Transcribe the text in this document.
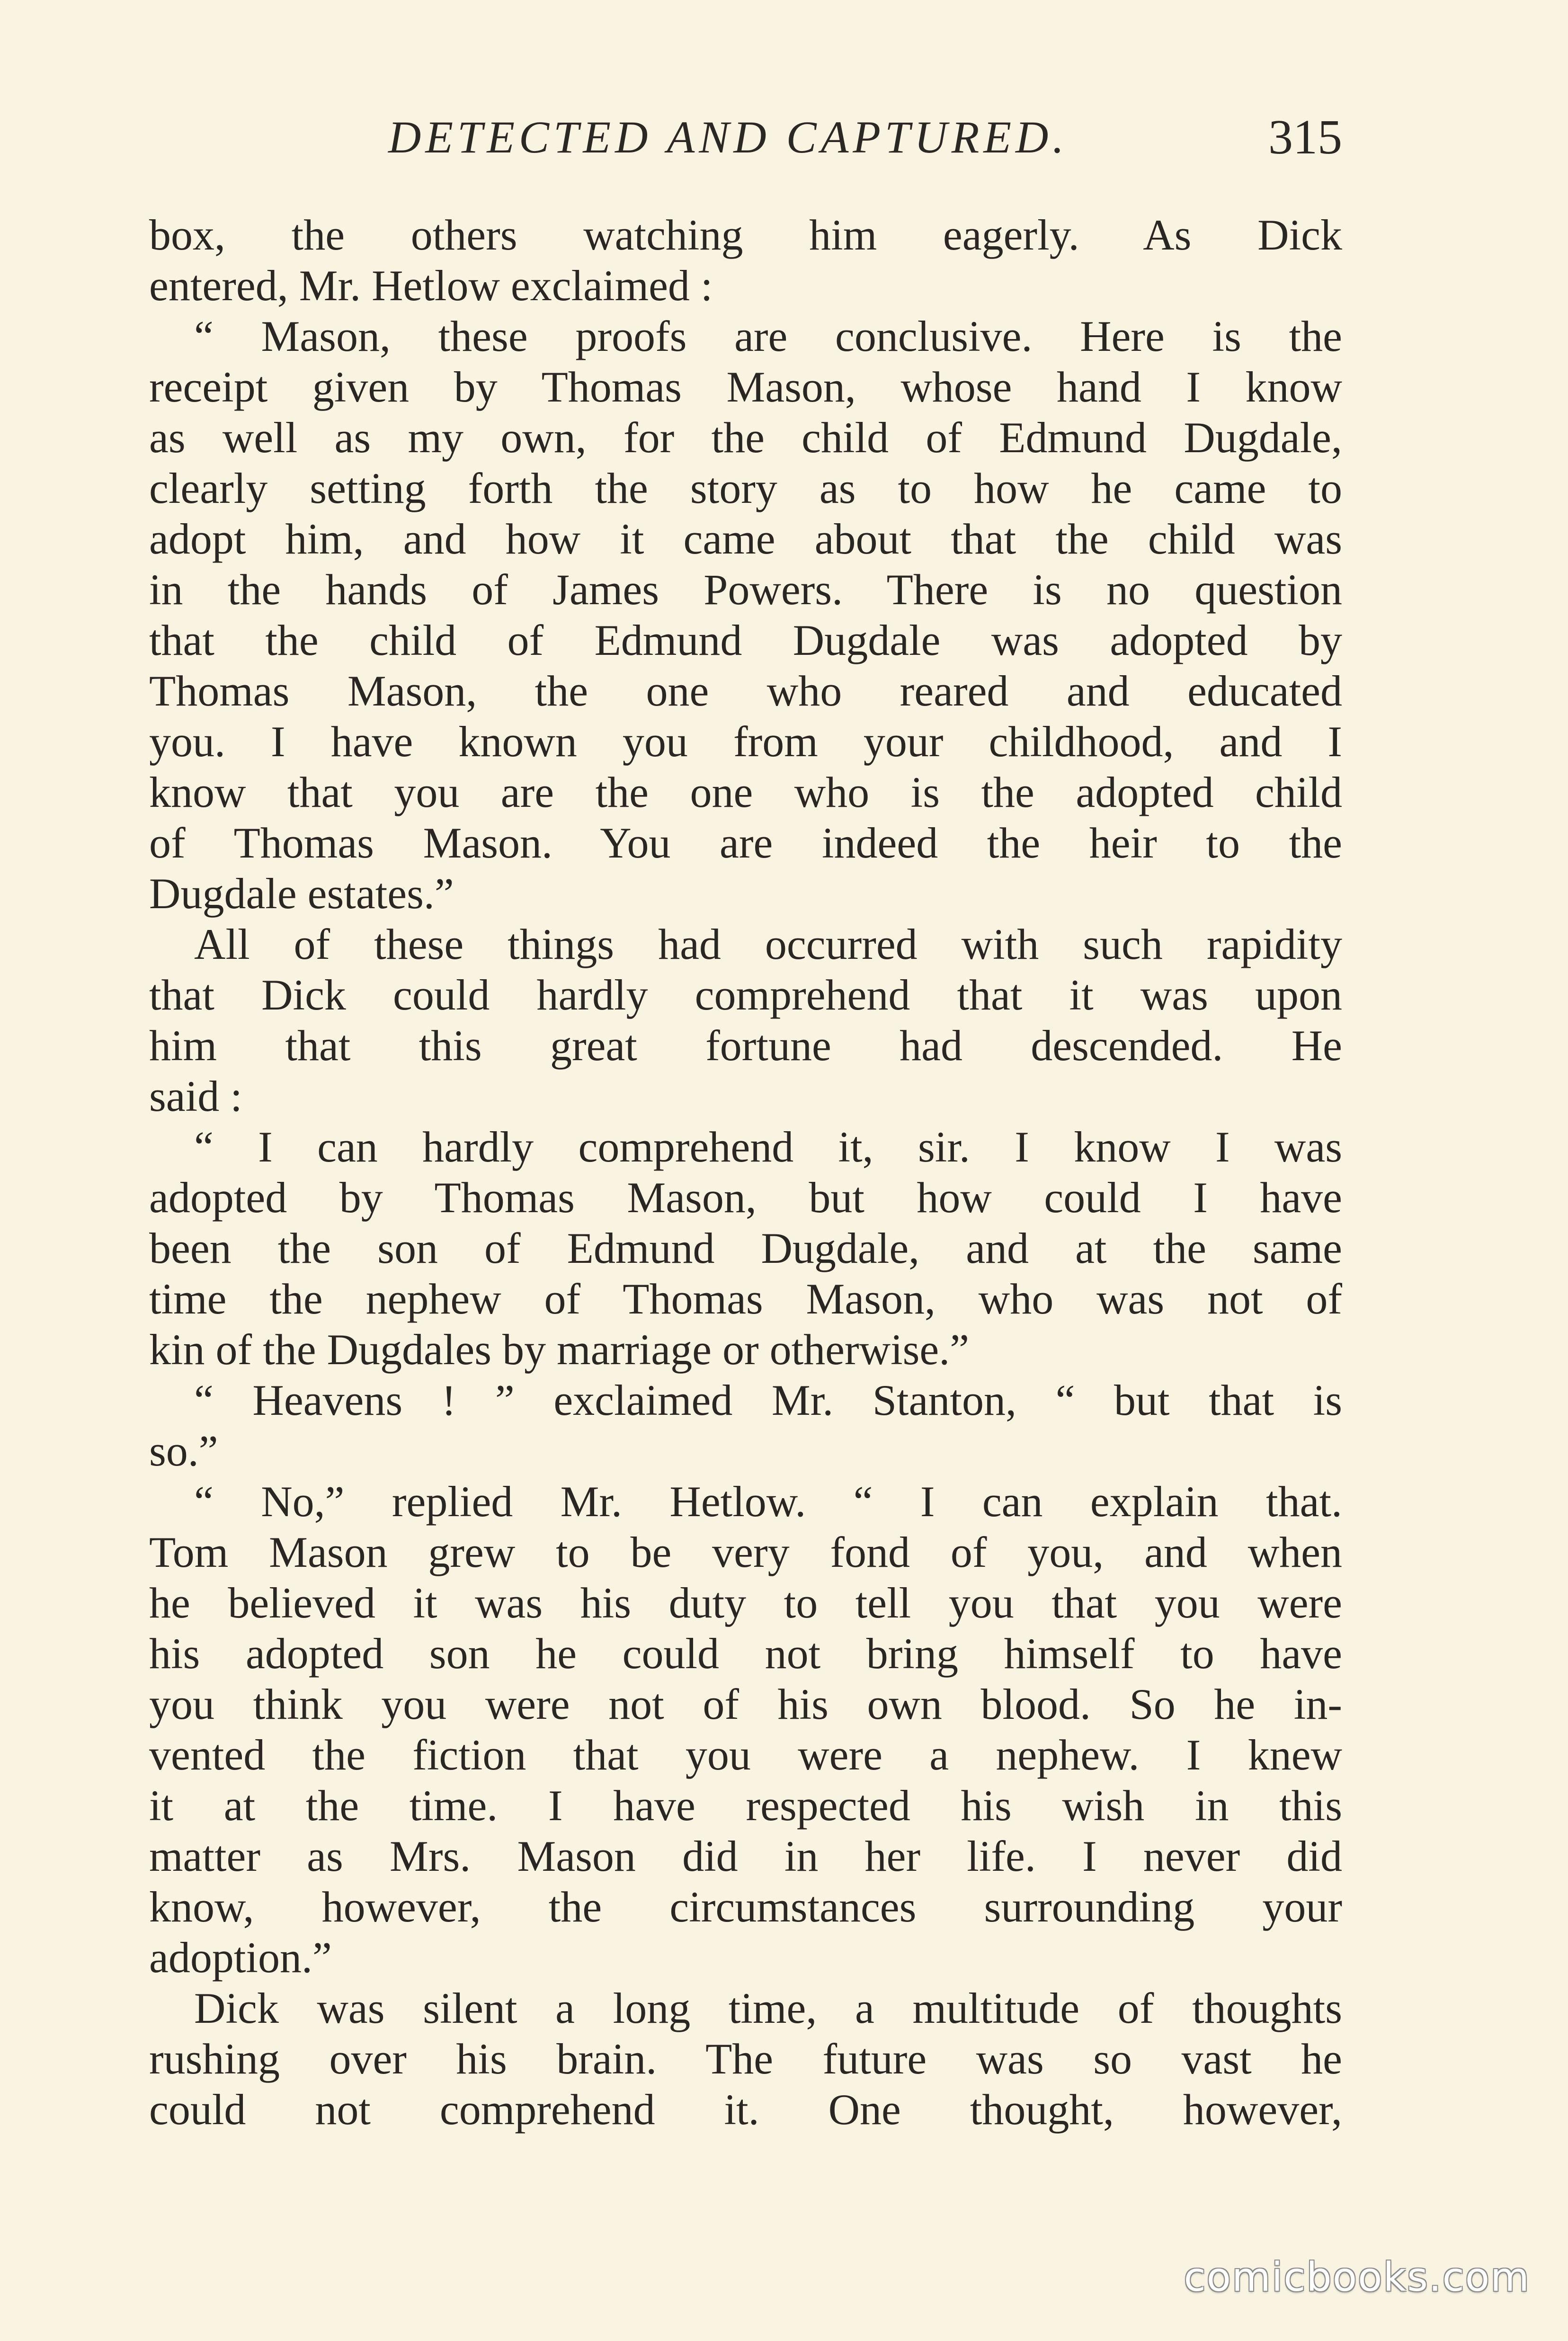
DETECTED AND CAPTURED.	315
box, the others watching him eagerly. As Dick
entered, Mr. Hetlow exclaimed :
“ Mason, these proofs are conclusive. Here is the
receipt given by Thomas Mason, whose hand I know
as well as my own, for the child of Edmund Dugdale,
clearly setting forth the story as to how he came to
adopt him, and how it came about that the child was
in the hands of James Powers. There is no question
that the child of Edmund Dugdale was adopted by
Thomas Mason, the one who reared and educated
you. I have known you from your childhood, and I
know that you are the one who is the adopted child
of Thomas Mason. You are indeed the heir to the
Dugdale estates.”
All of these things had occurred with such rapidity
that Dick could hardly comprehend that it was upon
him that this great fortune had descended. He
said :
“ I can hardly comprehend it, sir. I know I was
adopted by Thomas Mason, but how could I have
been the son of Edmund Dugdale, and at the same
time the nephew of Thomas Mason, who was not of
kin of the Dugdales by marriage or otherwise.”
“ Heavens ! ” exclaimed Mr. Stanton, “ but that is
so.”
“ No,” replied Mr. Hetlow. “ I can explain that.
Tom Mason grew to be very fond of you, and when
he believed it was his duty to tell you that you were
his adopted son he could not bring himself to have
you think you were not of his own blood. So he in-
vented the fiction that you were a nephew. I knew
it at the time. I have respected his wish in this
matter as Mrs. Mason did in her life. I never did
know, however, the circumstances surrounding your
adoption.”
Dick was silent a long time, a multitude of thoughts
rushing over his brain. The future was so vast he
could not comprehend it. One thought, however,
comicbooks.com
